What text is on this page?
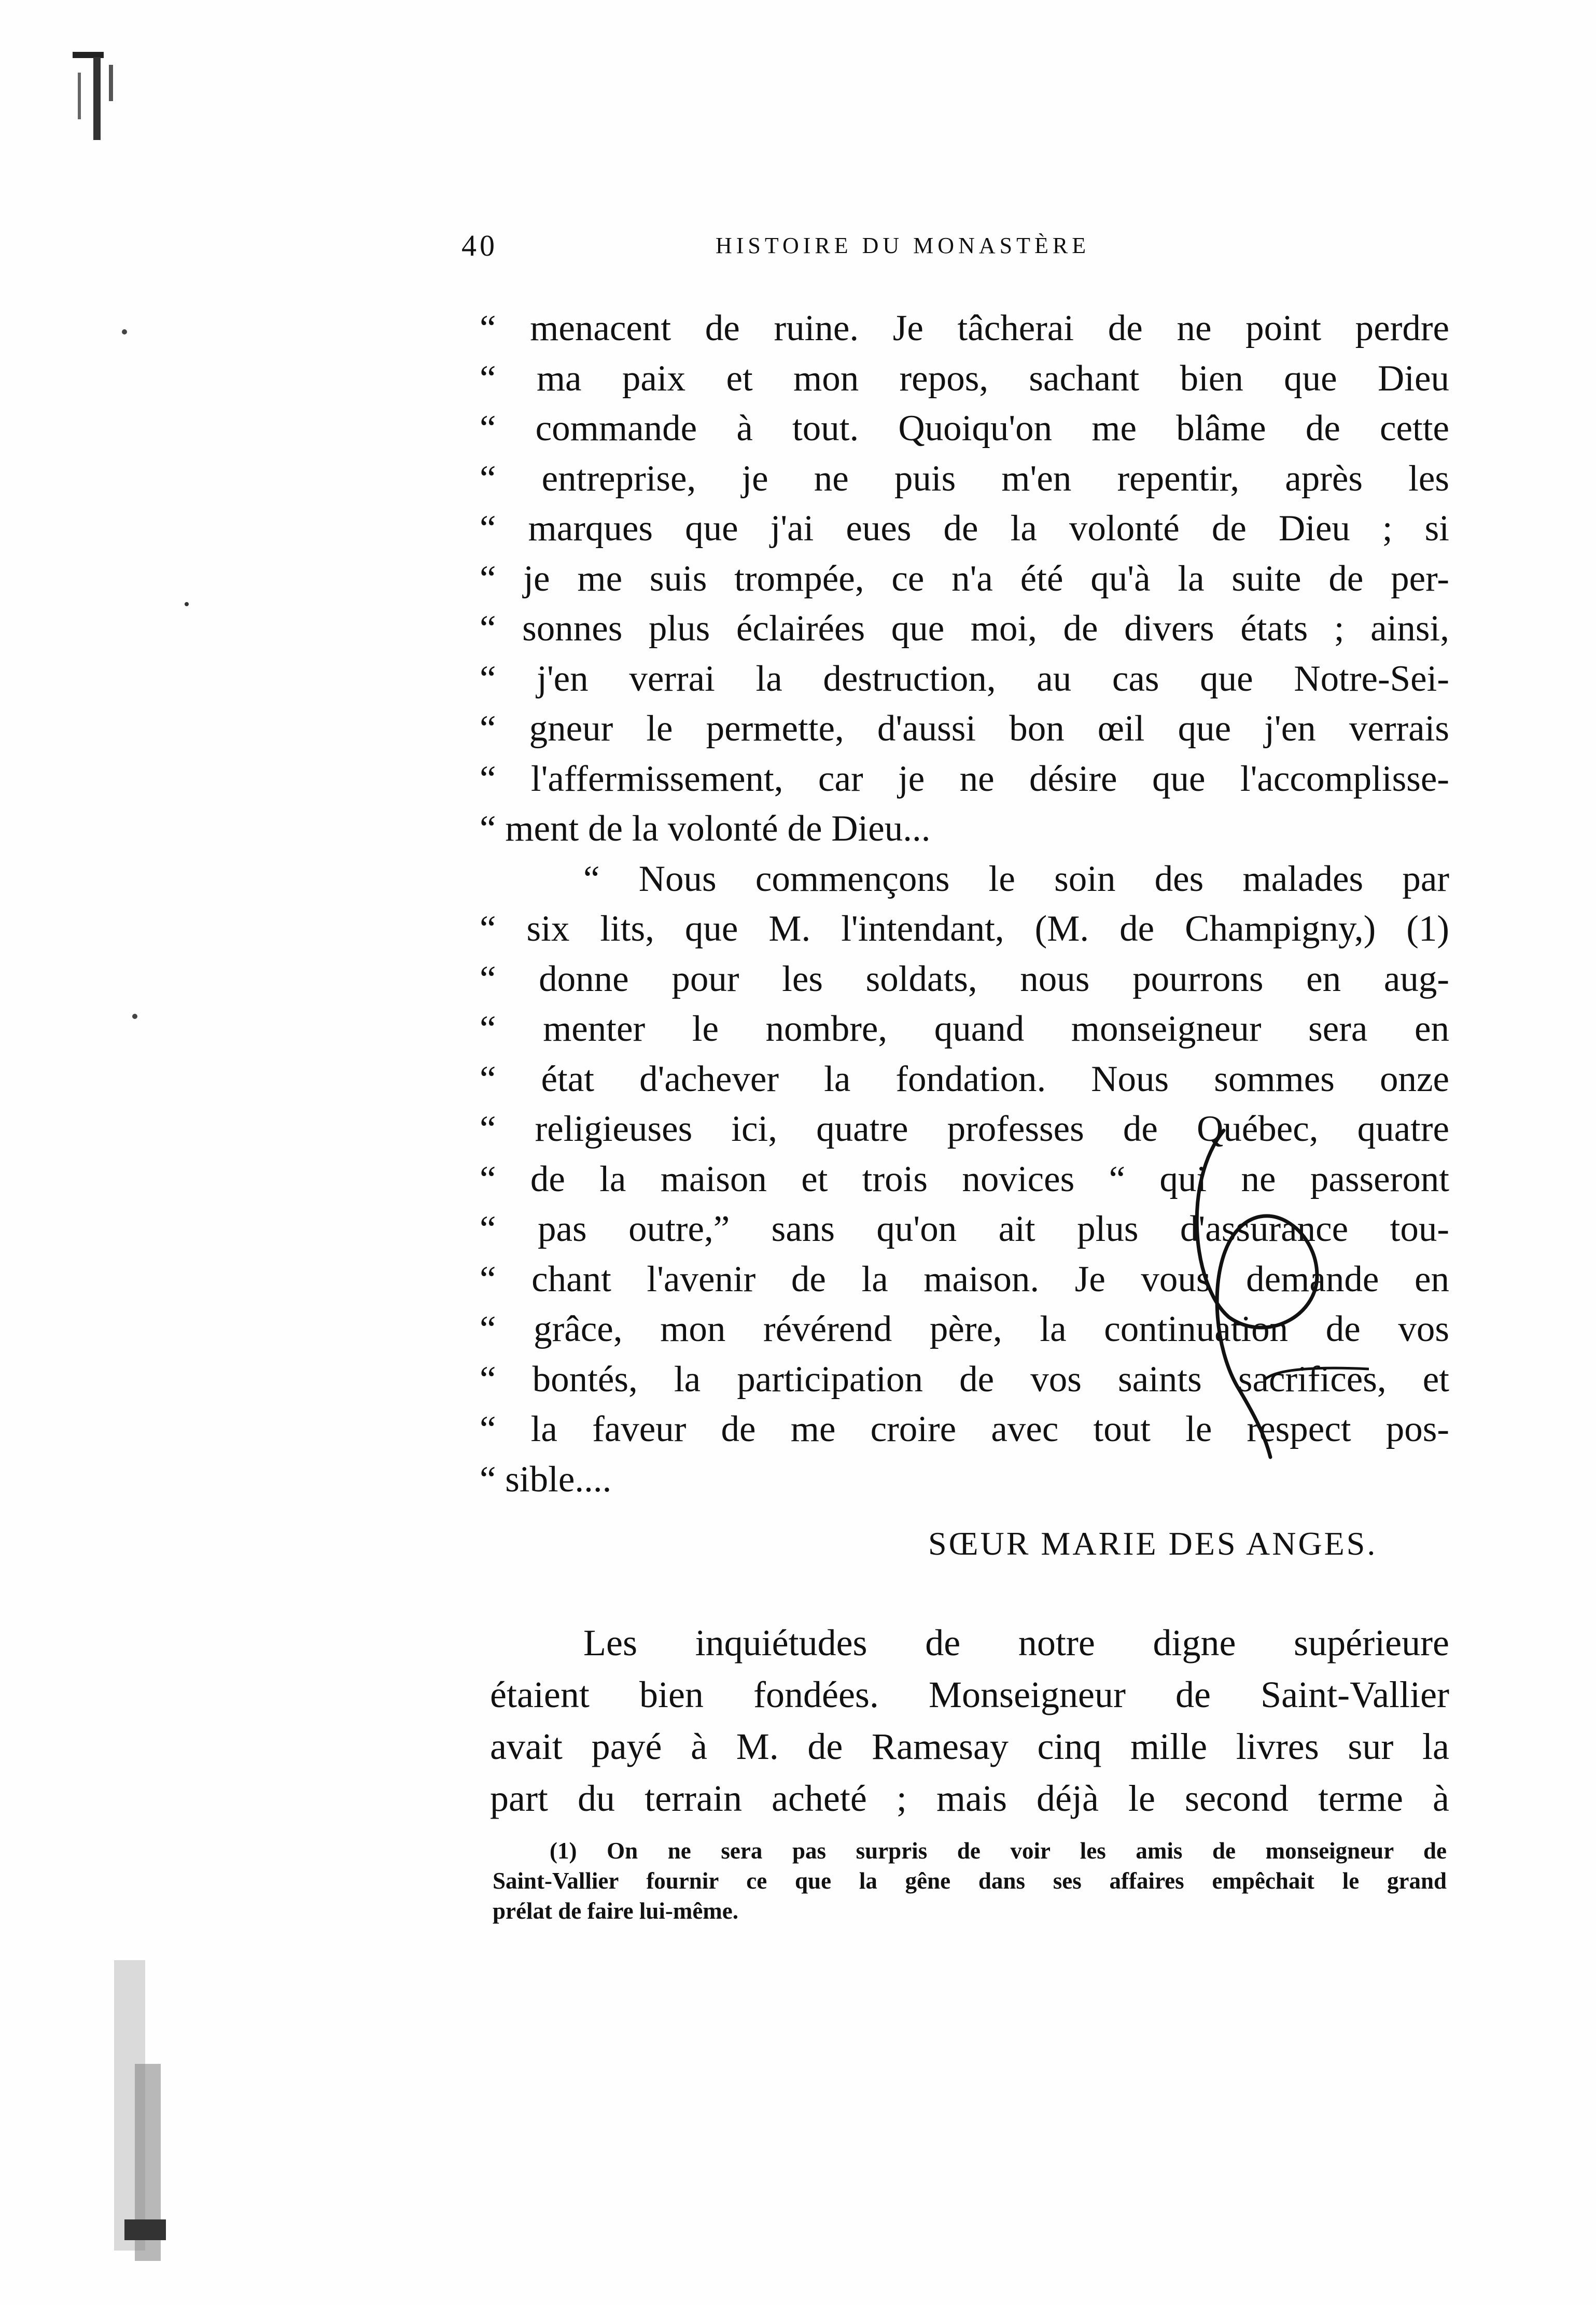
40	HISTOIRE DU MONASTÈRE
“ menacent de ruine. Je tâcherai de ne point perdre
“ ma paix et mon repos, sachant bien que Dieu
“ commande à tout. Quoiqu'on me blâme de cette
“ entreprise, je ne puis m'en repentir, après les
“ marques que j'ai eues de la volonté de Dieu ; si
“ je me suis trompée, ce n'a été qu'à la suite de per-
“ sonnes plus éclairées que moi, de divers états ; ainsi,
“ j'en verrai la destruction, au cas que Notre-Sei-
“ gneur le permette, d'aussi bon œil que j'en verrais
“ l'affermissement, car je ne désire que l'accomplisse-
“ ment de la volonté de Dieu...
“ Nous commençons le soin des malades par
“ six lits, que M. l'intendant, (M. de Champigny,) (1)
“ donne pour les soldats, nous pourrons en aug-
“ menter le nombre, quand monseigneur sera en
“ état d'achever la fondation. Nous sommes onze
“ religieuses ici, quatre professes de Québec, quatre
“ de la maison et trois novices “ qui ne passeront
“ pas outre,” sans qu'on ait plus d'assurance tou-
“ chant l'avenir de la maison. Je vous demande en
“ grâce, mon révérend père, la continuation de vos
“ bontés, la participation de vos saints sacrifices, et
“ la faveur de me croire avec tout le respect pos-
“ sible....
SŒUR MARIE DES ANGES.
Les inquiétudes de notre digne supérieure
étaient bien fondées. Monseigneur de Saint-Vallier
avait payé à M. de Ramesay cinq mille livres sur la
part du terrain acheté ; mais déjà le second terme à
(1) On ne sera pas surpris de voir les amis de monseigneur de
Saint-Vallier fournir ce que la gêne dans ses affaires empêchait le grand
prélat de faire lui-même.
